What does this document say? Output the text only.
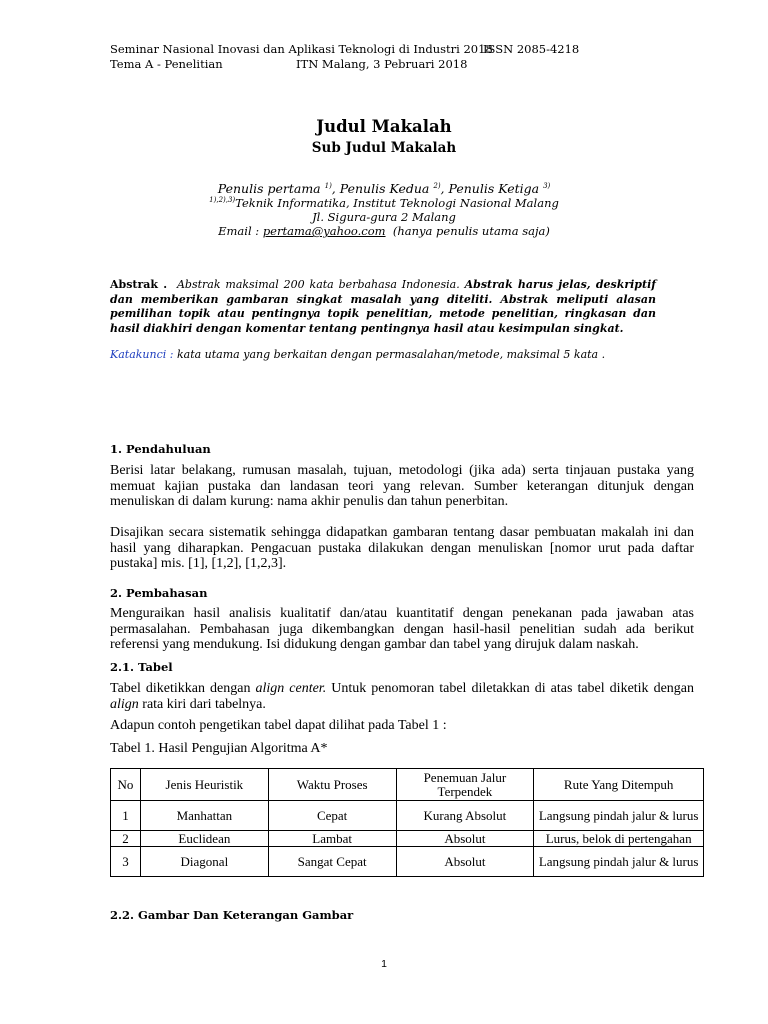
Seminar Nasional Inovasi dan Aplikasi Teknologi di Industri 2018
ISSN 2085-4218
Tema A - Penelitian	ITN Malang, 3 Pebruari 2018
Judul Makalah
Sub Judul Makalah
Penulis pertama $^{1)}$, Penulis Kedua $^{2)}$, Penulis Ketiga $^{3)}$
$^{1),2),3)}$Teknik Informatika, Institut Teknologi Nasional Malang
Jl. Sigura-gura 2 Malang
Email : pertama@yahoo.com (hanya penulis utama saja)
Abstrak . Abstrak maksimal 200 kata berbahasa Indonesia. Abstrak harus jelas, deskriptif dan memberikan gambaran singkat masalah yang diteliti. Abstrak meliputi alasan pemilihan topik atau pentingnya topik penelitian, metode penelitian, ringkasan dan hasil diakhiri dengan komentar tentang pentingnya hasil atau kesimpulan singkat.
Katakunci : kata utama yang berkaitan dengan permasalahan/metode, maksimal 5 kata .
1. Pendahuluan

Berisi latar belakang, rumusan masalah, tujuan, metodologi (jika ada) serta tinjauan pustaka yang memuat kajian pustaka dan landasan teori yang relevan. Sumber keterangan ditunjuk dengan menuliskan di dalam kurung: nama akhir penulis dan tahun penerbitan.

Disajikan secara sistematik sehingga didapatkan gambaran tentang dasar pembuatan makalah ini dan hasil yang diharapkan. Pengacuan pustaka dilakukan dengan menuliskan [nomor urut pada daftar pustaka] mis. [1], [1,2], [1,2,3].

2. Pembahasan

Menguraikan hasil analisis kualitatif dan/atau kuantitatif dengan penekanan pada jawaban atas permasalahan. Pembahasan juga dikembangkan dengan hasil-hasil penelitian sudah ada berikut referensi yang mendukung. Isi didukung dengan gambar dan tabel yang dirujuk dalam naskah.

2.1. Tabel

Tabel diketikkan dengan align center. Untuk penomoran tabel diletakkan di atas tabel diketik dengan align rata kiri dari tabelnya.

Adapun contoh pengetikan tabel dapat dilihat pada Tabel 1 :

Tabel 1. Hasil Pengujian Algoritma A*

No	Jenis Heuristik	Waktu Proses	Penemuan Jalur Terpendek	Rute Yang Ditempuh
1	Manhattan	Cepat	Kurang Absolut	Langsung pindah jalur & lurus
2	Euclidean	Lambat	Absolut	Lurus, belok di pertengahan
3	Diagonal	Sangat Cepat	Absolut	Langsung pindah jalur & lurus
2.2. Gambar Dan Keterangan Gambar
1
